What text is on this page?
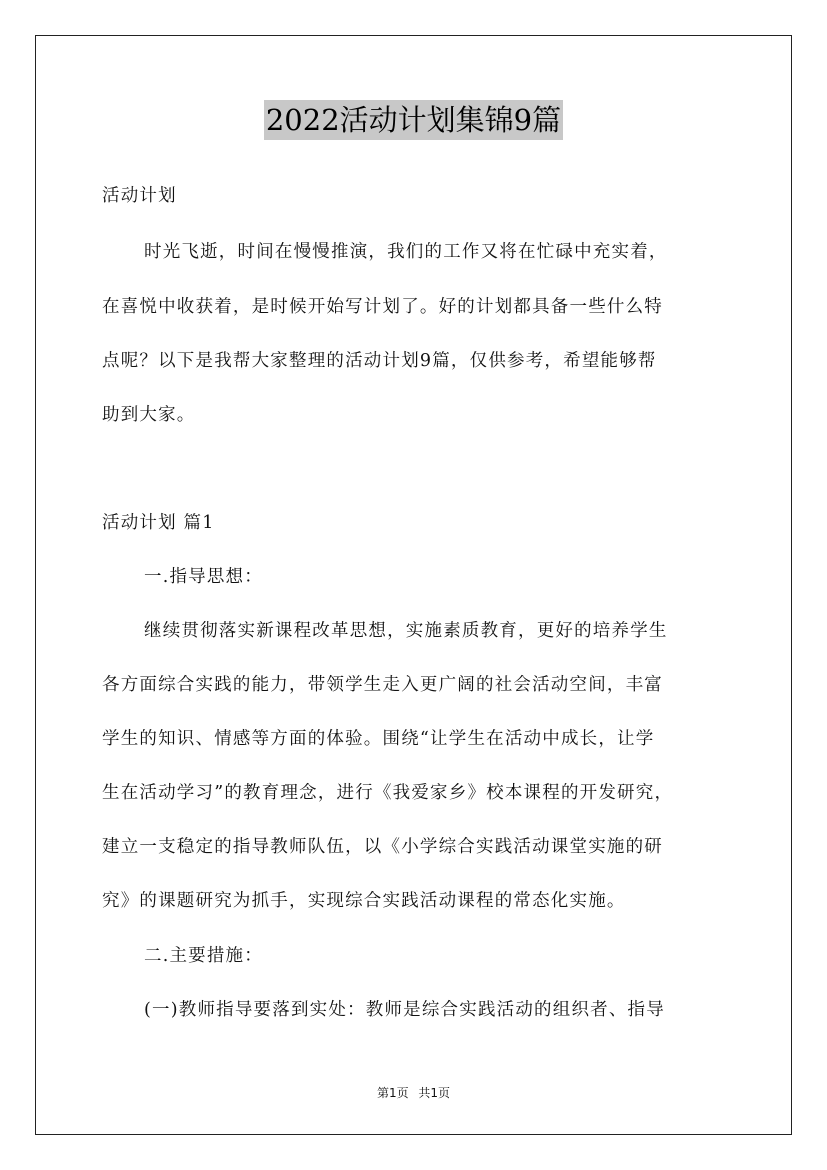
2022活动计划集锦9篇
活动计划
时光飞逝，时间在慢慢推演，我们的工作又将在忙碌中充实着，
在喜悦中收获着，是时候开始写计划了。好的计划都具备一些什么特
点呢？以下是我帮大家整理的活动计划9篇，仅供参考，希望能够帮
助到大家。
活动计划 篇1
一.指导思想：
继续贯彻落实新课程改革思想，实施素质教育，更好的培养学生
各方面综合实践的能力，带领学生走入更广阔的社会活动空间，丰富
学生的知识、情感等方面的体验。围绕“让学生在活动中成长，让学
生在活动学习”的教育理念，进行《我爱家乡》校本课程的开发研究，
建立一支稳定的指导教师队伍，以《小学综合实践活动课堂实施的研
究》的课题研究为抓手，实现综合实践活动课程的常态化实施。
二.主要措施：
(一)教师指导要落到实处：教师是综合实践活动的组织者、指导
第1页 共1页
